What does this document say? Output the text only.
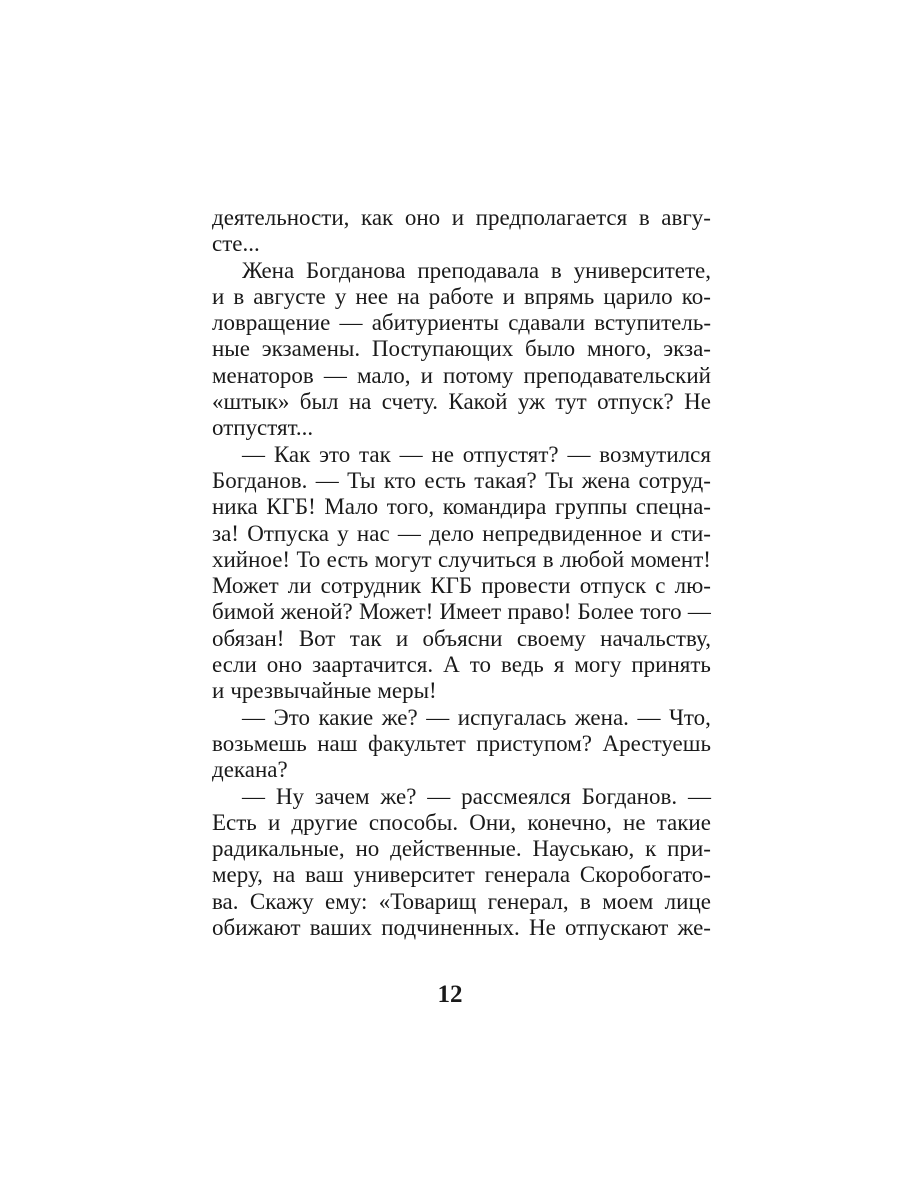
деятельности, как оно и предполагается в авгу-
сте...
Жена Богданова преподавала в университете,
и в августе у нее на работе и впрямь царило ко-
ловращение — абитуриенты сдавали вступитель-
ные экзамены. Поступающих было много, экза-
менаторов — мало, и потому преподавательский
«штык» был на счету. Какой уж тут отпуск? Не
отпустят...
— Как это так — не отпустят? — возмутился
Богданов. — Ты кто есть такая? Ты жена сотруд-
ника КГБ! Мало того, командира группы спецна-
за! Отпуска у нас — дело непредвиденное и сти-
хийное! То есть могут случиться в любой момент!
Может ли сотрудник КГБ провести отпуск с лю-
бимой женой? Может! Имеет право! Более того —
обязан! Вот так и объясни своему начальству,
если оно заартачится. А то ведь я могу принять
и чрезвычайные меры!
— Это какие же? — испугалась жена. — Что,
возьмешь наш факультет приступом? Арестуешь
декана?
— Ну зачем же? — рассмеялся Богданов. —
Есть и другие способы. Они, конечно, не такие
радикальные, но действенные. Науськаю, к при-
меру, на ваш университет генерала Скоробогато-
ва. Скажу ему: «Товарищ генерал, в моем лице
обижают ваших подчиненных. Не отпускают же-
12
